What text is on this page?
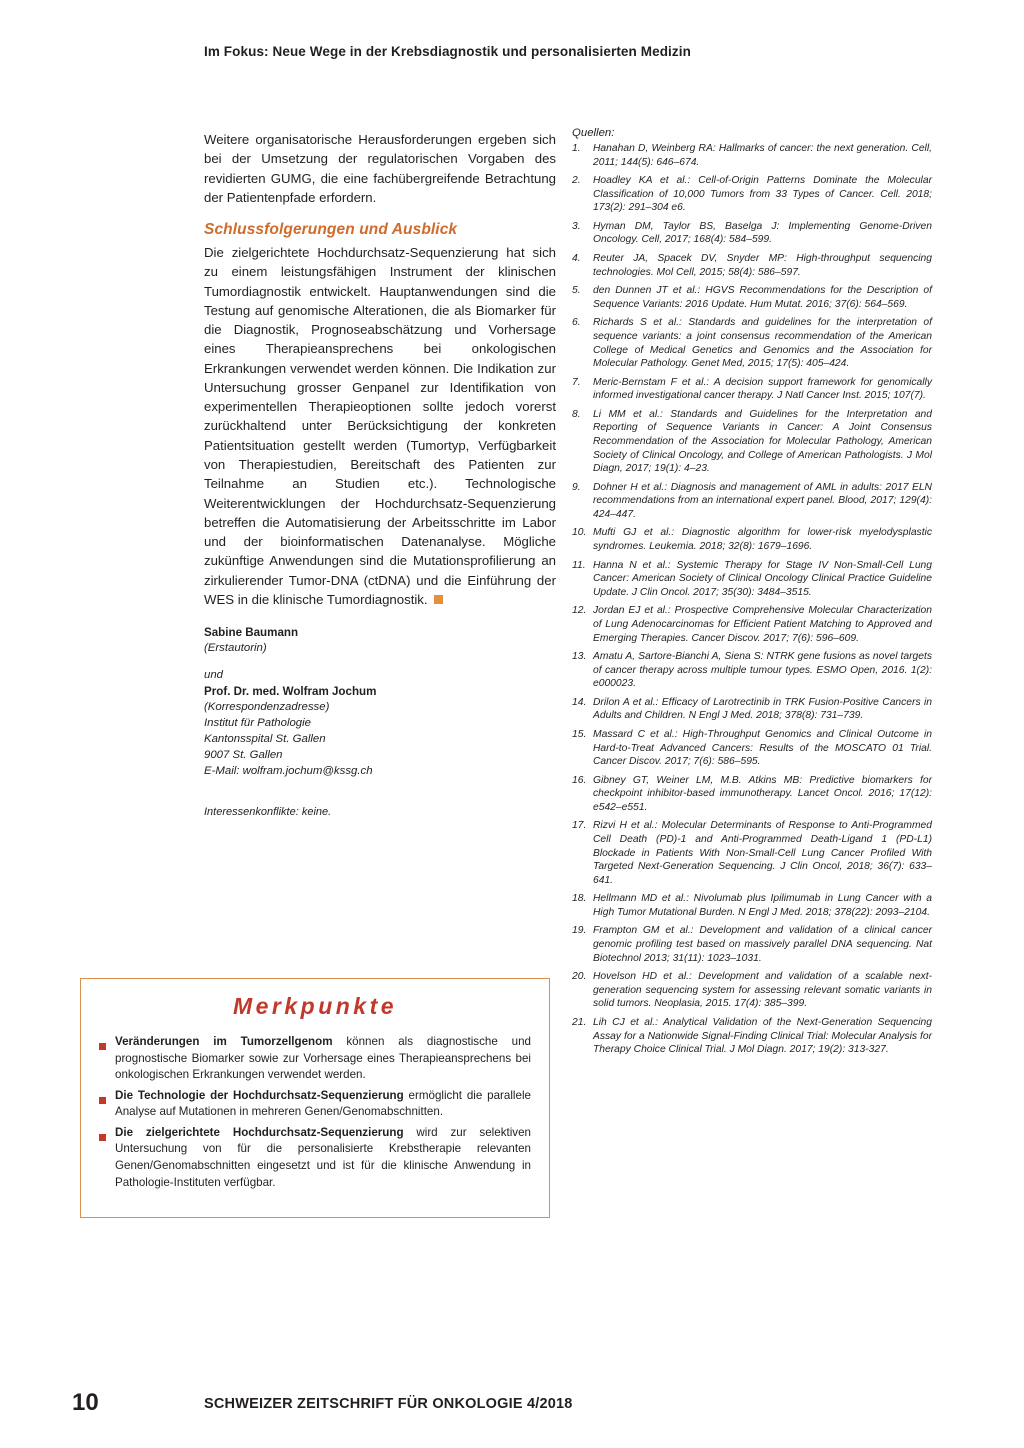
Im Fokus: Neue Wege in der Krebsdiagnostik und personalisierten Medizin

Weitere organisatorische Herausforderungen ergeben sich bei der Umsetzung der regulatorischen Vorgaben des revidierten GUMG, die eine fachübergreifende Betrachtung der Patientenpfade erfordern.

Schlussfolgerungen und Ausblick

Die zielgerichtete Hochdurchsatz-Sequenzierung hat sich zu einem leistungsfähigen Instrument der klinischen Tumordiagnostik entwickelt. Hauptanwendungen sind die Testung auf genomische Alterationen, die als Biomarker für die Diagnostik, Prognoseabschätzung und Vorhersage eines Therapieansprechens bei onkologischen Erkrankungen verwendet werden können. Die Indikation zur Untersuchung grosser Genpanel zur Identifikation von experimentellen Therapieoptionen sollte jedoch vorerst zurückhaltend unter Berücksichtigung der konkreten Patientsituation gestellt werden (Tumortyp, Verfügbarkeit von Therapiestudien, Bereitschaft des Patienten zur Teilnahme an Studien etc.). Technologische Weiterentwicklungen der Hochdurchsatz-Sequenzierung betreffen die Automatisierung der Arbeitsschritte im Labor und der bioinformatischen Datenanalyse. Mögliche zukünftige Anwendungen sind die Mutationsprofilierung an zirkulierender Tumor-DNA (ctDNA) und die Einführung der WES in die klinische Tumordiagnostik.

Sabine Baumann
(Erstautorin)
und
Prof. Dr. med. Wolfram Jochum
(Korrespondenzadresse)
Institut für Pathologie
Kantonsspital St. Gallen
9007 St. Gallen
E-Mail: wolfram.jochum@kssg.ch
Interessenkonflikte: keine.
Quellen:
1.	Hanahan D, Weinberg RA: Hallmarks of cancer: the next generation. Cell, 2011; 144(5): 646–674.
2.	Hoadley KA et al.: Cell-of-Origin Patterns Dominate the Molecular Classification of 10,000 Tumors from 33 Types of Cancer. Cell. 2018; 173(2): 291–304 e6.
3.	Hyman DM, Taylor BS, Baselga J: Implementing Genome-Driven Oncology. Cell, 2017; 168(4): 584–599.
4.	Reuter JA, Spacek DV, Snyder MP: High-throughput sequencing technologies. Mol Cell, 2015; 58(4): 586–597.
5.	den Dunnen JT et al.: HGVS Recommendations for the Description of Sequence Variants: 2016 Update. Hum Mutat. 2016; 37(6): 564–569.
6.	Richards S et al.: Standards and guidelines for the interpretation of sequence variants: a joint consensus recommendation of the American College of Medical Genetics and Genomics and the Association for Molecular Pathology. Genet Med, 2015; 17(5): 405–424.
7.	Meric-Bernstam F et al.: A decision support framework for genomically informed investigational cancer therapy. J Natl Cancer Inst. 2015; 107(7).
8.	Li MM et al.: Standards and Guidelines for the Interpretation and Reporting of Sequence Variants in Cancer: A Joint Consensus Recommendation of the Association for Molecular Pathology, American Society of Clinical Oncology, and College of American Pathologists. J Mol Diagn, 2017; 19(1): 4–23.
9.	Dohner H et al.: Diagnosis and management of AML in adults: 2017 ELN recommendations from an international expert panel. Blood, 2017; 129(4): 424–447.
10. Mufti GJ et al.: Diagnostic algorithm for lower-risk myelodysplastic syndromes. Leukemia. 2018; 32(8): 1679–1696.
11. Hanna N et al.: Systemic Therapy for Stage IV Non-Small-Cell Lung Cancer: American Society of Clinical Oncology Clinical Practice Guideline Update. J Clin Oncol. 2017; 35(30): 3484–3515.
12. Jordan EJ et al.: Prospective Comprehensive Molecular Characterization of Lung Adenocarcinomas for Efficient Patient Matching to Approved and Emerging Therapies. Cancer Discov. 2017; 7(6): 596–609.
13. Amatu A, Sartore-Bianchi A, Siena S: NTRK gene fusions as novel targets of cancer therapy across multiple tumour types. ESMO Open, 2016. 1(2): e000023.
14. Drilon A et al.: Efficacy of Larotrectinib in TRK Fusion-Positive Cancers in Adults and Children. N Engl J Med. 2018; 378(8): 731–739.
15. Massard C et al.: High-Throughput Genomics and Clinical Outcome in Hard-to-Treat Advanced Cancers: Results of the MOSCATO 01 Trial. Cancer Discov. 2017; 7(6): 586–595.
16. Gibney GT, Weiner LM, M.B. Atkins MB: Predictive biomarkers for checkpoint inhibitor-based immunotherapy. Lancet Oncol. 2016; 17(12): e542–e551.
17. Rizvi H et al.: Molecular Determinants of Response to Anti-Programmed Cell Death (PD)-1 and Anti-Programmed Death-Ligand 1 (PD-L1) Blockade in Patients With Non-Small-Cell Lung Cancer Profiled With Targeted Next-Generation Sequencing. J Clin Oncol, 2018; 36(7): 633–641.
18. Hellmann MD et al.: Nivolumab plus Ipilimumab in Lung Cancer with a High Tumor Mutational Burden. N Engl J Med. 2018; 378(22): 2093–2104.
19. Frampton GM et al.: Development and validation of a clinical cancer genomic profiling test based on massively parallel DNA sequencing. Nat Biotechnol 2013; 31(11): 1023–1031.
20. Hovelson HD et al.: Development and validation of a scalable next-generation sequencing system for assessing relevant somatic variants in solid tumors. Neoplasia, 2015. 17(4): 385–399.
21. Lih CJ et al.: Analytical Validation of the Next-Generation Sequencing Assay for a Nationwide Signal-Finding Clinical Trial: Molecular Analysis for Therapy Choice Clinical Trial. J Mol Diagn. 2017; 19(2): 313-327.
Merkpunkte
Veränderungen im Tumorzellgenom können als diagnostische und prognostische Biomarker sowie zur Vorhersage eines Therapieansprechens bei onkologischen Erkrankungen verwendet werden.
Die Technologie der Hochdurchsatz-Sequenzierung ermöglicht die parallele Analyse auf Mutationen in mehreren Genen/Genomabschnitten.
Die zielgerichtete Hochdurchsatz-Sequenzierung wird zur selektiven Untersuchung von für die personalisierte Krebstherapie relevanten Genen/Genomabschnitten eingesetzt und ist für die klinische Anwendung in Pathologie-Instituten verfügbar.
10	SCHWEIZER ZEITSCHRIFT FÜR ONKOLOGIE 4/2018
